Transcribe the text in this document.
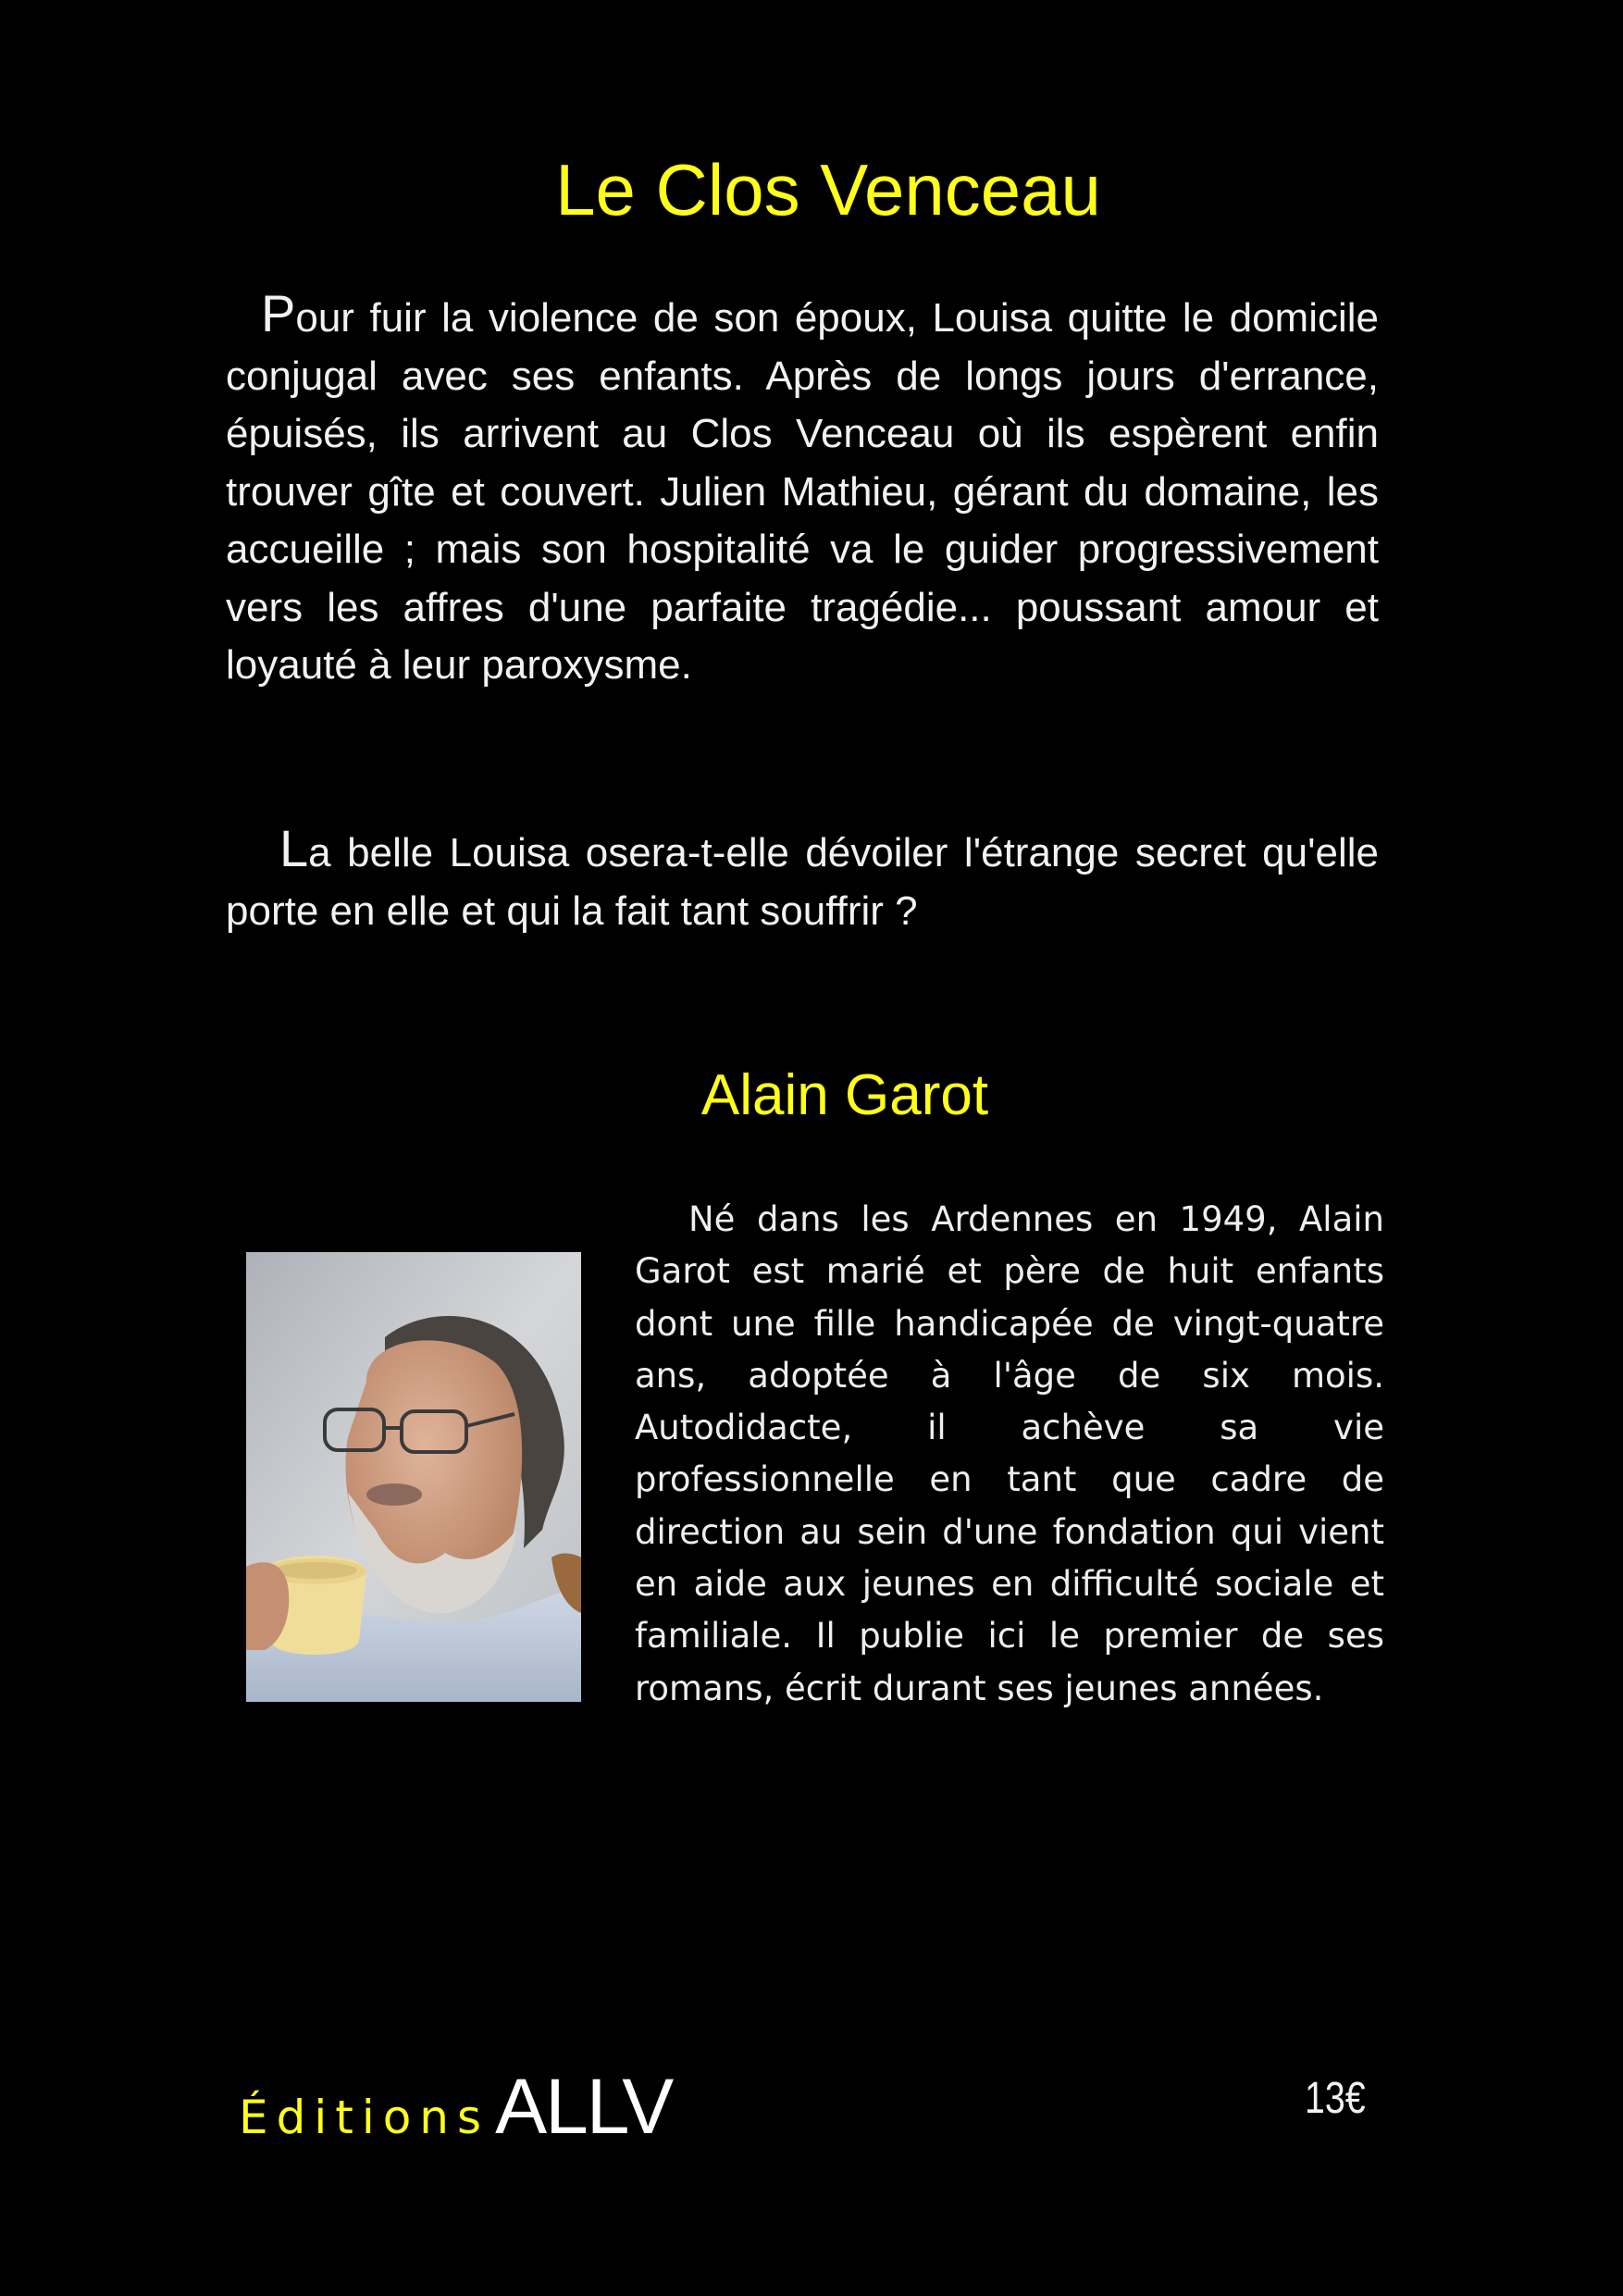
Le Clos Venceau

Pour fuir la violence de son époux, Louisa quitte le domicile conjugal avec ses enfants. Après de longs jours d'errance, épuisés, ils arrivent au Clos Venceau où ils espèrent enfin trouver gîte et couvert. Julien Mathieu, gérant du domaine, les accueille ; mais son hospitalité va le guider progressivement vers les affres d'une parfaite tragédie... poussant amour et loyauté à leur paroxysme.

La belle Louisa osera-t-elle dévoiler l'étrange secret qu'elle porte en elle et qui la fait tant souffrir ?

Alain Garot

Né dans les Ardennes en 1949, Alain Garot est marié et père de huit enfants dont une fille handicapée de vingt-quatre ans, adoptée à l'âge de six mois. Autodidacte, il achève sa vie professionnelle en tant que cadre de direction au sein d'une fondation qui vient en aide aux jeunes en difficulté sociale et familiale. Il publie ici le premier de ses romans, écrit durant ses jeunes années.

ÉditionsALLV	13€
